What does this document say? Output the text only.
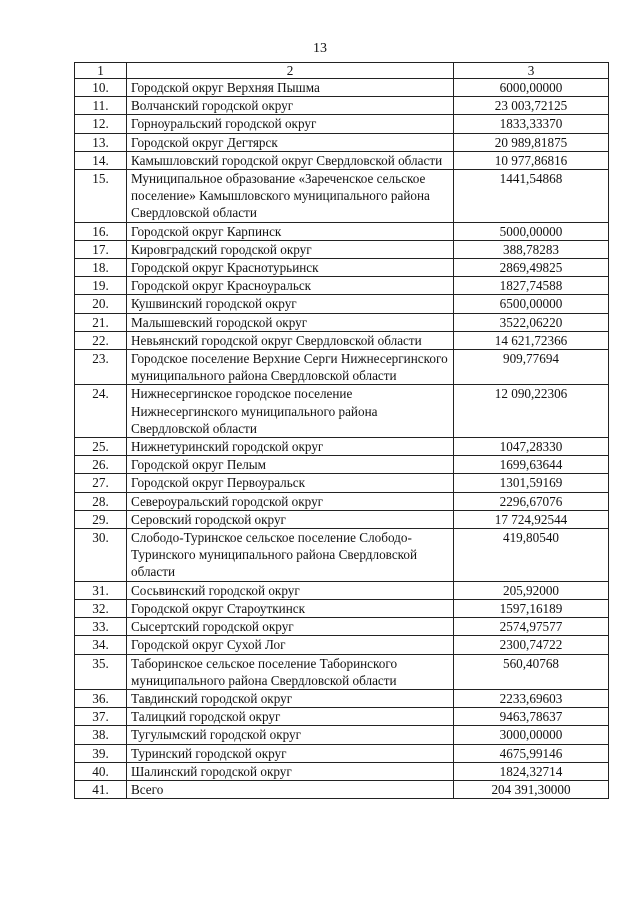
13
1	2	3
10.	Городской округ Верхняя Пышма	6000,00000
11.	Волчанский городской округ	23 003,72125
12.	Горноуральский городской округ	1833,33370
13.	Городской округ Дегтярск	20 989,81875
14.	Камышловский городской округ Свердловской области	10 977,86816
15.	Муниципальное образование «Зареченское сельское поселение» Камышловского муниципального района Свердловской области	1441,54868
16.	Городской округ Карпинск	5000,00000
17.	Кировградский городской округ	388,78283
18.	Городской округ Краснотурьинск	2869,49825
19.	Городской округ Красноуральск	1827,74588
20.	Кушвинский городской округ	6500,00000
21.	Малышевский городской округ	3522,06220
22.	Невьянский городской округ Свердловской области	14 621,72366
23.	Городское поселение Верхние Серги Нижнесергинского муниципального района Свердловской области	909,77694
24.	Нижнесергинское городское поселение Нижнесергинского муниципального района Свердловской области	12 090,22306
25.	Нижнетуринский городской округ	1047,28330
26.	Городской округ Пелым	1699,63644
27.	Городской округ Первоуральск	1301,59169
28.	Североуральский городской округ	2296,67076
29.	Серовский городской округ	17 724,92544
30.	Слободо-Туринское сельское поселение Слободо-Туринского муниципального района Свердловской области	419,80540
31.	Сосьвинский городской округ	205,92000
32.	Городской округ Староуткинск	1597,16189
33.	Сысертский городской округ	2574,97577
34.	Городской округ Сухой Лог	2300,74722
35.	Таборинское сельское поселение Таборинского муниципального района Свердловской области	560,40768
36.	Тавдинский городской округ	2233,69603
37.	Талицкий городской округ	9463,78637
38.	Тугулымский городской округ	3000,00000
39.	Туринский городской округ	4675,99146
40.	Шалинский городской округ	1824,32714
41.	Всего	204 391,30000
